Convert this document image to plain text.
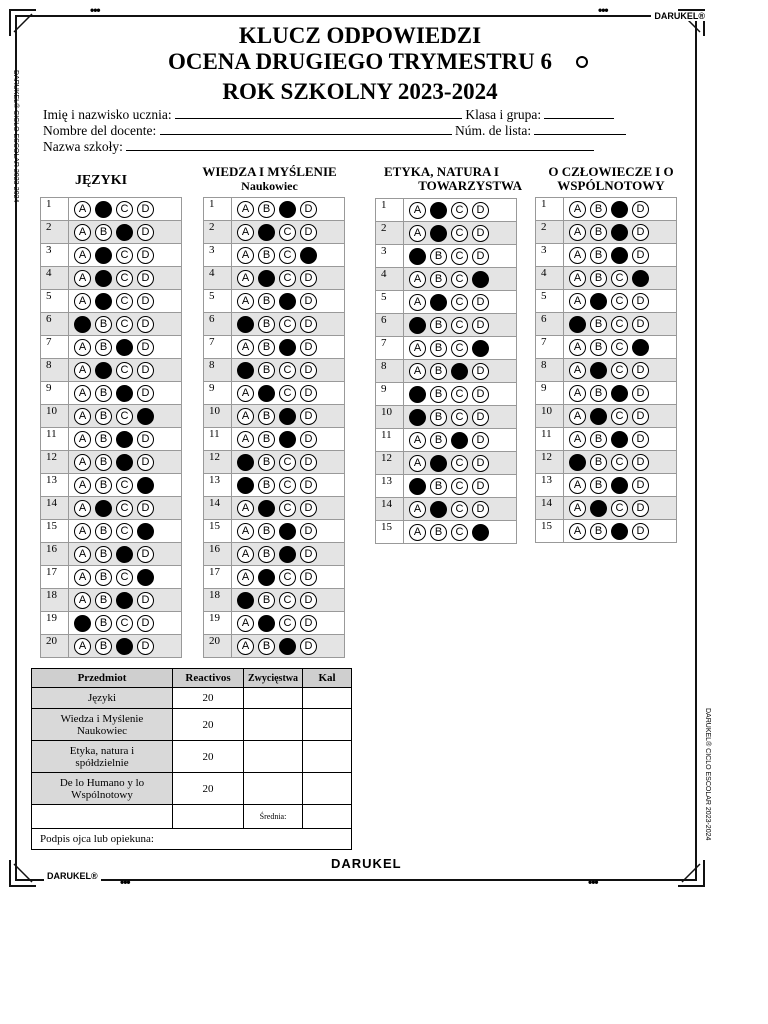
•••	•••
•••	•••
DARUKEL®
DARUKEL®
DARUKEL® CICLO ESCOLAR 2023-2024
DARUKEL® CICLO ESCOLAR 2023-2024
KLUCZ ODPOWIEDZI
OCENA DRUGIEGO TRYMESTRU 6
ROK SZKOLNY 2023-2024
Imię i nazwisko ucznia:	Klasa i grupa:
Nombre del docente:	Núm. de lista:
Nazwa szkoły:
JĘZYKI
WIEDZA I MYŚLENIE
Naukowiec
ETYKA, NATURA I
TOWARZYSTWA
O CZŁOWIECZE I O
WSPÓLNOTOWY
1	A B C D
2	A B C D
3	A B C D
4	A B C D
5	A B C D
6	A B C D
7	A B C D
8	A B C D
9	A B C D
10	A B C D
11	A B C D
12	A B C D
13	A B C D
14	A B C D
15	A B C D
16	A B C D
17	A B C D
18	A B C D
19	A B C D
20	A B C D
1	A B C D
2	A B C D
3	A B C D
4	A B C D
5	A B C D
6	A B C D
7	A B C D
8	A B C D
9	A B C D
10	A B C D
11	A B C D
12	A B C D
13	A B C D
14	A B C D
15	A B C D
16	A B C D
17	A B C D
18	A B C D
19	A B C D
20	A B C D
1	A B C D
2	A B C D
3	A B C D
4	A B C D
5	A B C D
6	A B C D
7	A B C D
8	A B C D
9	A B C D
10	A B C D
11	A B C D
12	A B C D
13	A B C D
14	A B C D
15	A B C D
1	A B C D
2	A B C D
3	A B C D
4	A B C D
5	A B C D
6	A B C D
7	A B C D
8	A B C D
9	A B C D
10	A B C D
11	A B C D
12	A B C D
13	A B C D
14	A B C D
15	A B C D
Przedmiot	Reactivos	Zwycięstwa	Kal
Języki	20		
Wiedza i Myślenie Naukowiec	20		
Etyka, natura i spółdzielnie	20		
De lo Humano y lo Wspólnotowy	20		
		Średnia:	
Podpis ojca lub opiekuna:			
DARUKEL
